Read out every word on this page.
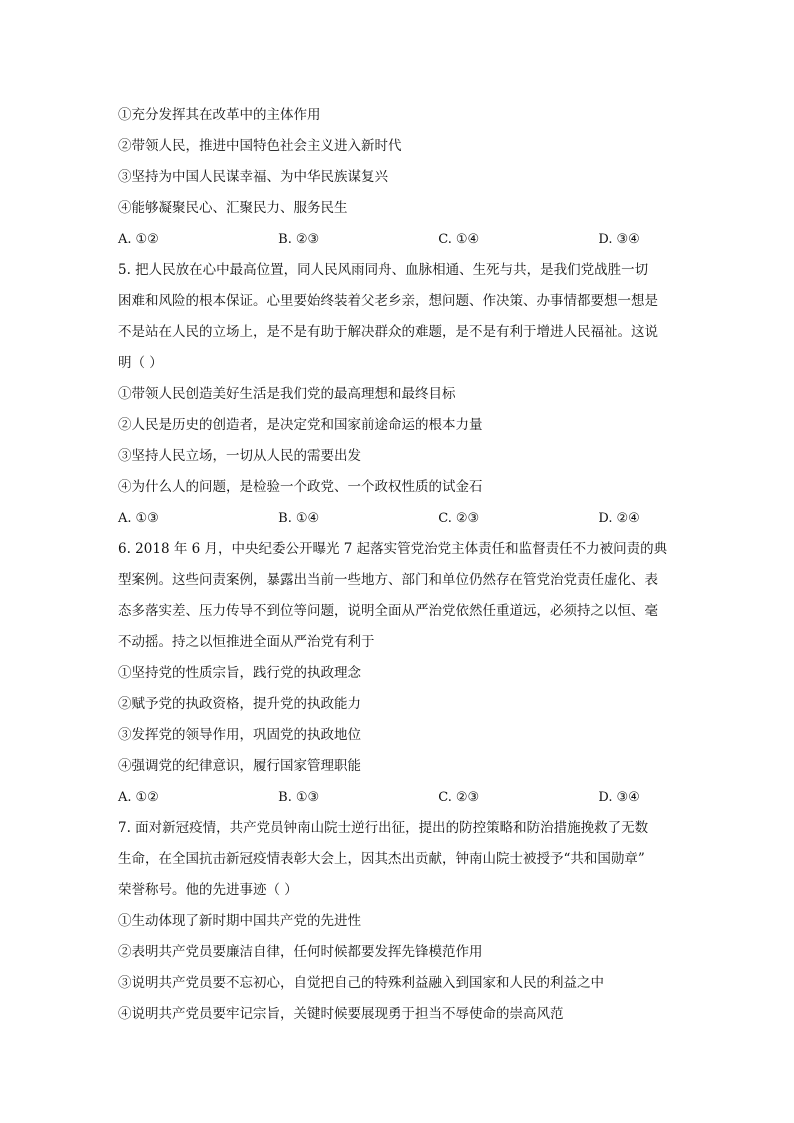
①充分发挥其在改革中的主体作用
②带领人民，推进中国特色社会主义进入新时代
③坚持为中国人民谋幸福、为中华民族谋复兴
④能够凝聚民心、汇聚民力、服务民生
A. ①②	B. ②③	C. ①④	D. ③④
5. 把人民放在心中最高位置，同人民风雨同舟、血脉相通、生死与共，是我们党战胜一切
困难和风险的根本保证。心里要始终装着父老乡亲，想问题、作决策、办事情都要想一想是
不是站在人民的立场上，是不是有助于解决群众的难题，是不是有利于增进人民福祉。这说
明（ ）
①带领人民创造美好生活是我们党的最高理想和最终目标
②人民是历史的创造者，是决定党和国家前途命运的根本力量
③坚持人民立场，一切从人民的需要出发
④为什么人的问题，是检验一个政党、一个政权性质的试金石
A. ①③	B. ①④	C. ②③	D. ②④
6. 2018 年 6 月，中央纪委公开曝光 7 起落实管党治党主体责任和监督责任不力被问责的典
型案例。这些问责案例，暴露出当前一些地方、部门和单位仍然存在管党治党责任虚化、表
态多落实差、压力传导不到位等问题，说明全面从严治党依然任重道远，必须持之以恒、毫
不动摇。持之以恒推进全面从严治党有利于
①坚持党的性质宗旨，践行党的执政理念
②赋予党的执政资格，提升党的执政能力
③发挥党的领导作用，巩固党的执政地位
④强调党的纪律意识，履行国家管理职能
A. ①②	B. ①③	C. ②③	D. ③④
7. 面对新冠疫情，共产党员钟南山院士逆行出征，提出的防控策略和防治措施挽救了无数
生命，在全国抗击新冠疫情表彰大会上，因其杰出贡献，钟南山院士被授予“共和国勋章”
荣誉称号。他的先进事迹（ ）
①生动体现了新时期中国共产党的先进性
②表明共产党员要廉洁自律，任何时候都要发挥先锋模范作用
③说明共产党员要不忘初心，自觉把自己的特殊利益融入到国家和人民的利益之中
④说明共产党员要牢记宗旨，关键时候要展现勇于担当不辱使命的崇高风范
